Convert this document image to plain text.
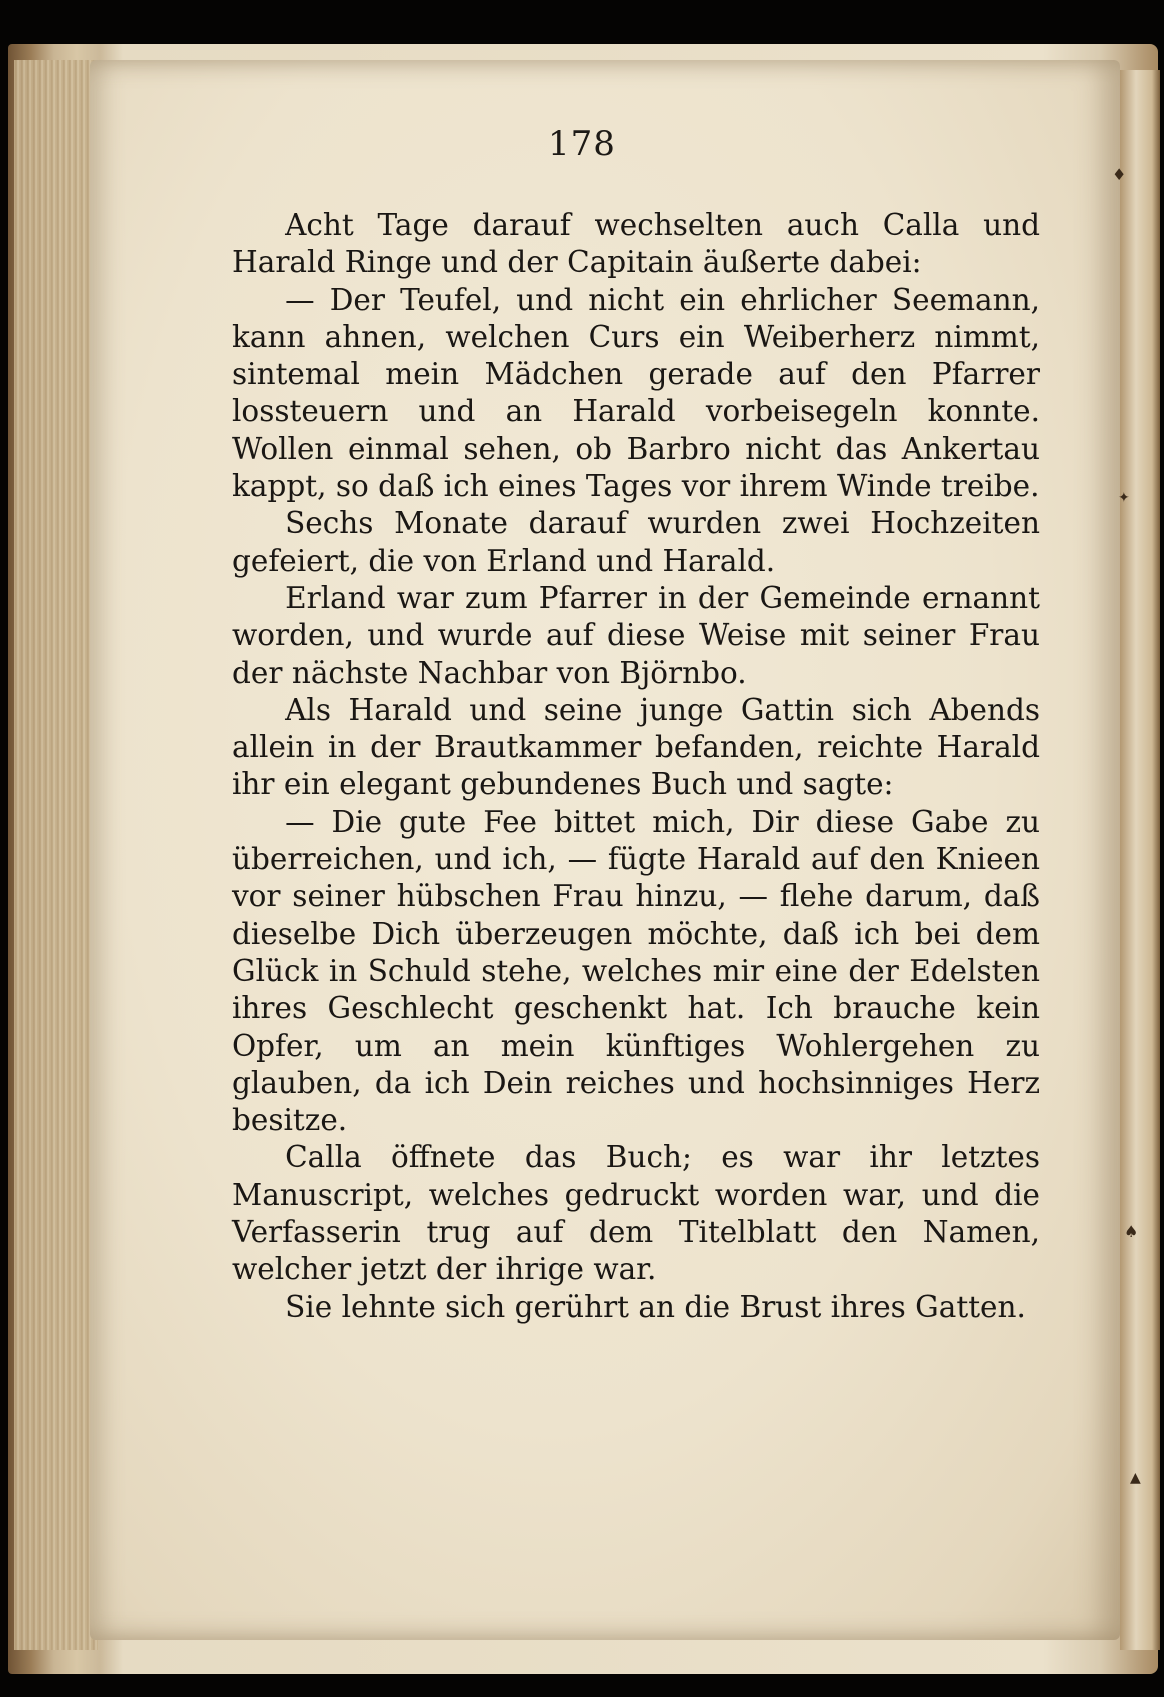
178

Acht Tage darauf wechselten auch Calla und Harald Ringe und der Capitain äußerte dabei:

— Der Teufel, und nicht ein ehrlicher Seemann, kann ahnen, welchen Curs ein Weiberherz nimmt, sintemal mein Mädchen gerade auf den Pfarrer lossteuern und an Harald vorbeisegeln konnte. Wollen einmal sehen, ob Barbro nicht das Ankertau kappt, so daß ich eines Tages vor ihrem Winde treibe.

Sechs Monate darauf wurden zwei Hochzeiten gefeiert, die von Erland und Harald.

Erland war zum Pfarrer in der Gemeinde ernannt worden, und wurde auf diese Weise mit seiner Frau der nächste Nachbar von Björnbo.

Als Harald und seine junge Gattin sich Abends allein in der Brautkammer befanden, reichte Harald ihr ein elegant gebundenes Buch und sagte:

— Die gute Fee bittet mich, Dir diese Gabe zu überreichen, und ich, — fügte Harald auf den Knieen vor seiner hübschen Frau hinzu, — flehe darum, daß dieselbe Dich überzeugen möchte, daß ich bei dem Glück in Schuld stehe, welches mir eine der Edelsten ihres Geschlecht geschenkt hat. Ich brauche kein Opfer, um an mein künftiges Wohlergehen zu glauben, da ich Dein reiches und hochsinniges Herz besitze.

Calla öffnete das Buch; es war ihr letztes Manuscript, welches gedruckt worden war, und die Verfasserin trug auf dem Titelblatt den Namen, welcher jetzt der ihrige war.

Sie lehnte sich gerührt an die Brust ihres Gatten.

♦
✦
♠
▲
